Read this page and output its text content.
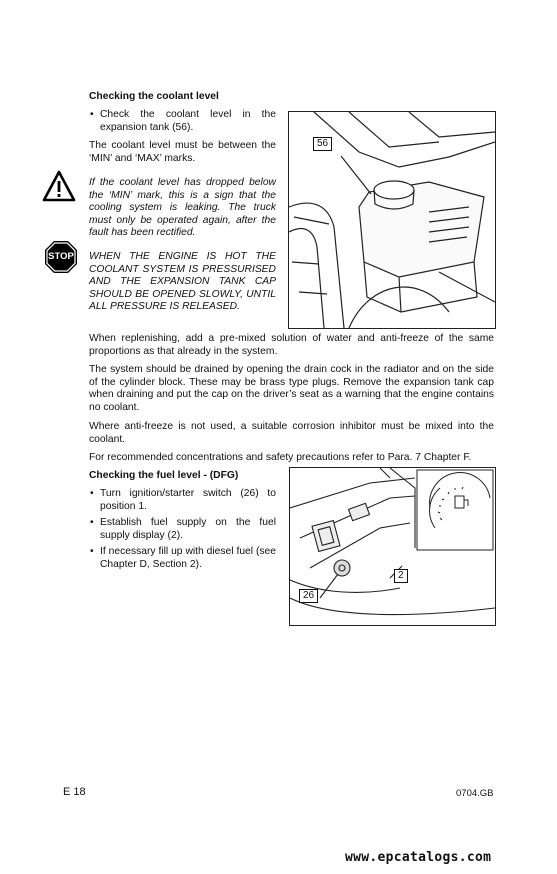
Checking the coolant level
• Check the coolant level in the expansion tank (56).
The coolant level must be between the ‘MIN’ and ‘MAX’ marks.
If the coolant level has dropped below the ‘MIN’ mark, this is a sign that the cooling system is leaking. The truck must only be operated again, after the fault has been rectified.
STOP	WHEN THE ENGINE IS HOT THE COOLANT SYSTEM IS PRESSURISED AND THE EXPANSION TANK CAP SHOULD BE OPENED SLOWLY, UNTIL ALL PRESSURE IS RELEASED.
56
When replenishing, add a pre-mixed solution of water and anti-freeze of the same proportions as that already in the system.
The system should be drained by opening the drain cock in the radiator and on the side of the cylinder block. These may be brass type plugs. Remove the expansion tank cap when draining and put the cap on the driver’s seat as a warning that the engine contains no coolant.
Where anti-freeze is not used, a suitable corrosion inhibitor must be mixed into the coolant.
For recommended concentrations and safety precautions refer to Para. 7 Chapter F.
Checking the fuel level - (DFG)
• Turn ignition/starter switch (26) to position 1.
• Establish fuel supply on the fuel supply display (2).
• If necessary fill up with diesel fuel (see Chapter D, Section 2).
2
26
E 18	0704.GB
www.epcatalogs.com
